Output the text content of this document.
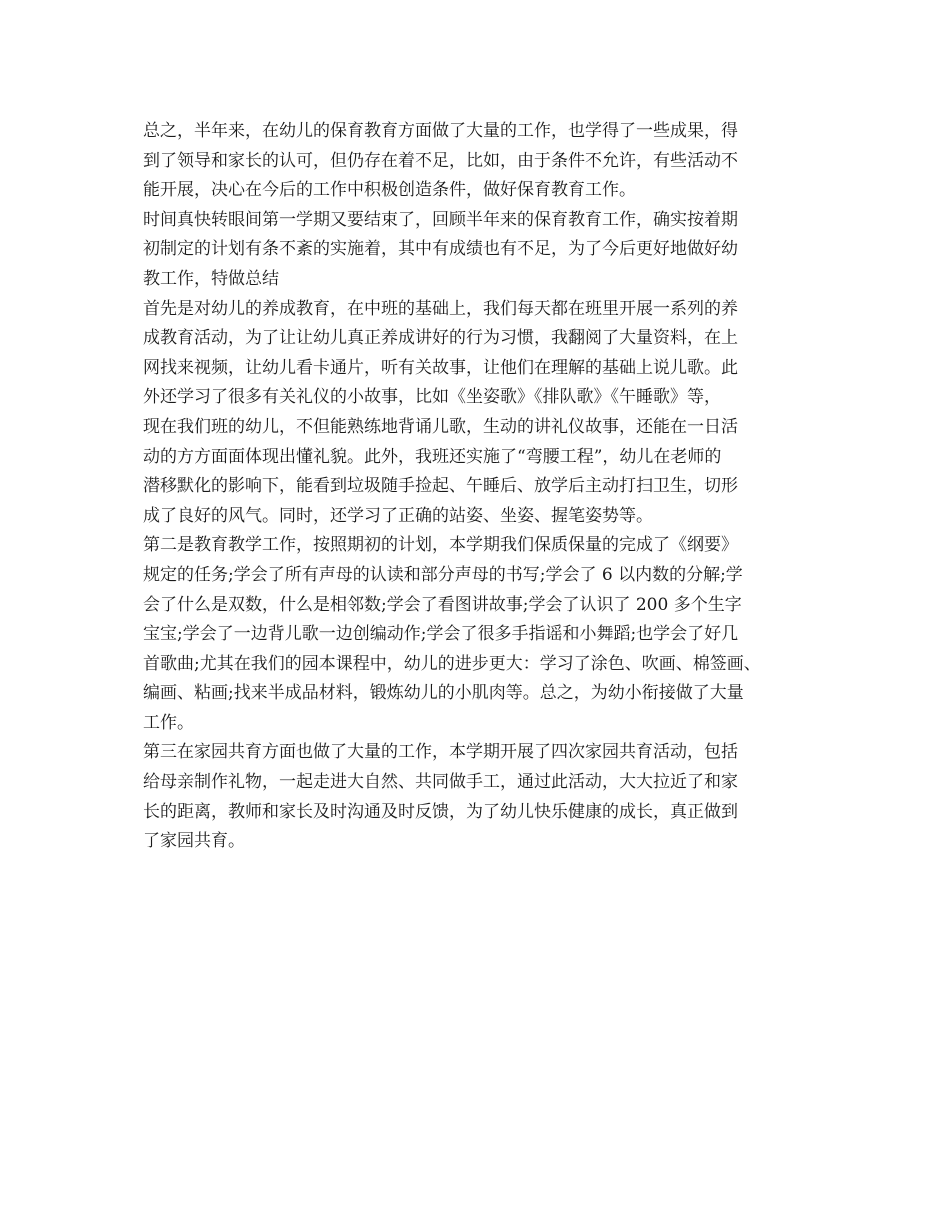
总之，半年来，在幼儿的保育教育方面做了大量的工作，也学得了一些成果，得
到了领导和家长的认可，但仍存在着不足，比如，由于条件不允许，有些活动不
能开展，决心在今后的工作中积极创造条件，做好保育教育工作。
时间真快转眼间第一学期又要结束了，回顾半年来的保育教育工作，确实按着期
初制定的计划有条不紊的实施着，其中有成绩也有不足，为了今后更好地做好幼
教工作，特做总结
首先是对幼儿的养成教育，在中班的基础上，我们每天都在班里开展一系列的养
成教育活动，为了让让幼儿真正养成讲好的行为习惯，我翻阅了大量资料，在上
网找来视频，让幼儿看卡通片，听有关故事，让他们在理解的基础上说儿歌。此
外还学习了很多有关礼仪的小故事，比如《坐姿歌》《排队歌》《午睡歌》等，
现在我们班的幼儿，不但能熟练地背诵儿歌，生动的讲礼仪故事，还能在一日活
动的方方面面体现出懂礼貌。此外，我班还实施了“弯腰工程”，幼儿在老师的
潜移默化的影响下，能看到垃圾随手捡起、午睡后、放学后主动打扫卫生，切形
成了良好的风气。同时，还学习了正确的站姿、坐姿、握笔姿势等。
第二是教育教学工作，按照期初的计划，本学期我们保质保量的完成了《纲要》
规定的任务;学会了所有声母的认读和部分声母的书写;学会了 6 以内数的分解;学
会了什么是双数，什么是相邻数;学会了看图讲故事;学会了认识了 200 多个生字
宝宝;学会了一边背儿歌一边创编动作;学会了很多手指谣和小舞蹈;也学会了好几
首歌曲;尤其在我们的园本课程中，幼儿的进步更大：学习了涂色、吹画、棉签画、
编画、粘画;找来半成品材料，锻炼幼儿的小肌肉等。总之，为幼小衔接做了大量
工作。
第三在家园共育方面也做了大量的工作，本学期开展了四次家园共育活动，包括
给母亲制作礼物，一起走进大自然、共同做手工，通过此活动，大大拉近了和家
长的距离，教师和家长及时沟通及时反馈，为了幼儿快乐健康的成长，真正做到
了家园共育。
